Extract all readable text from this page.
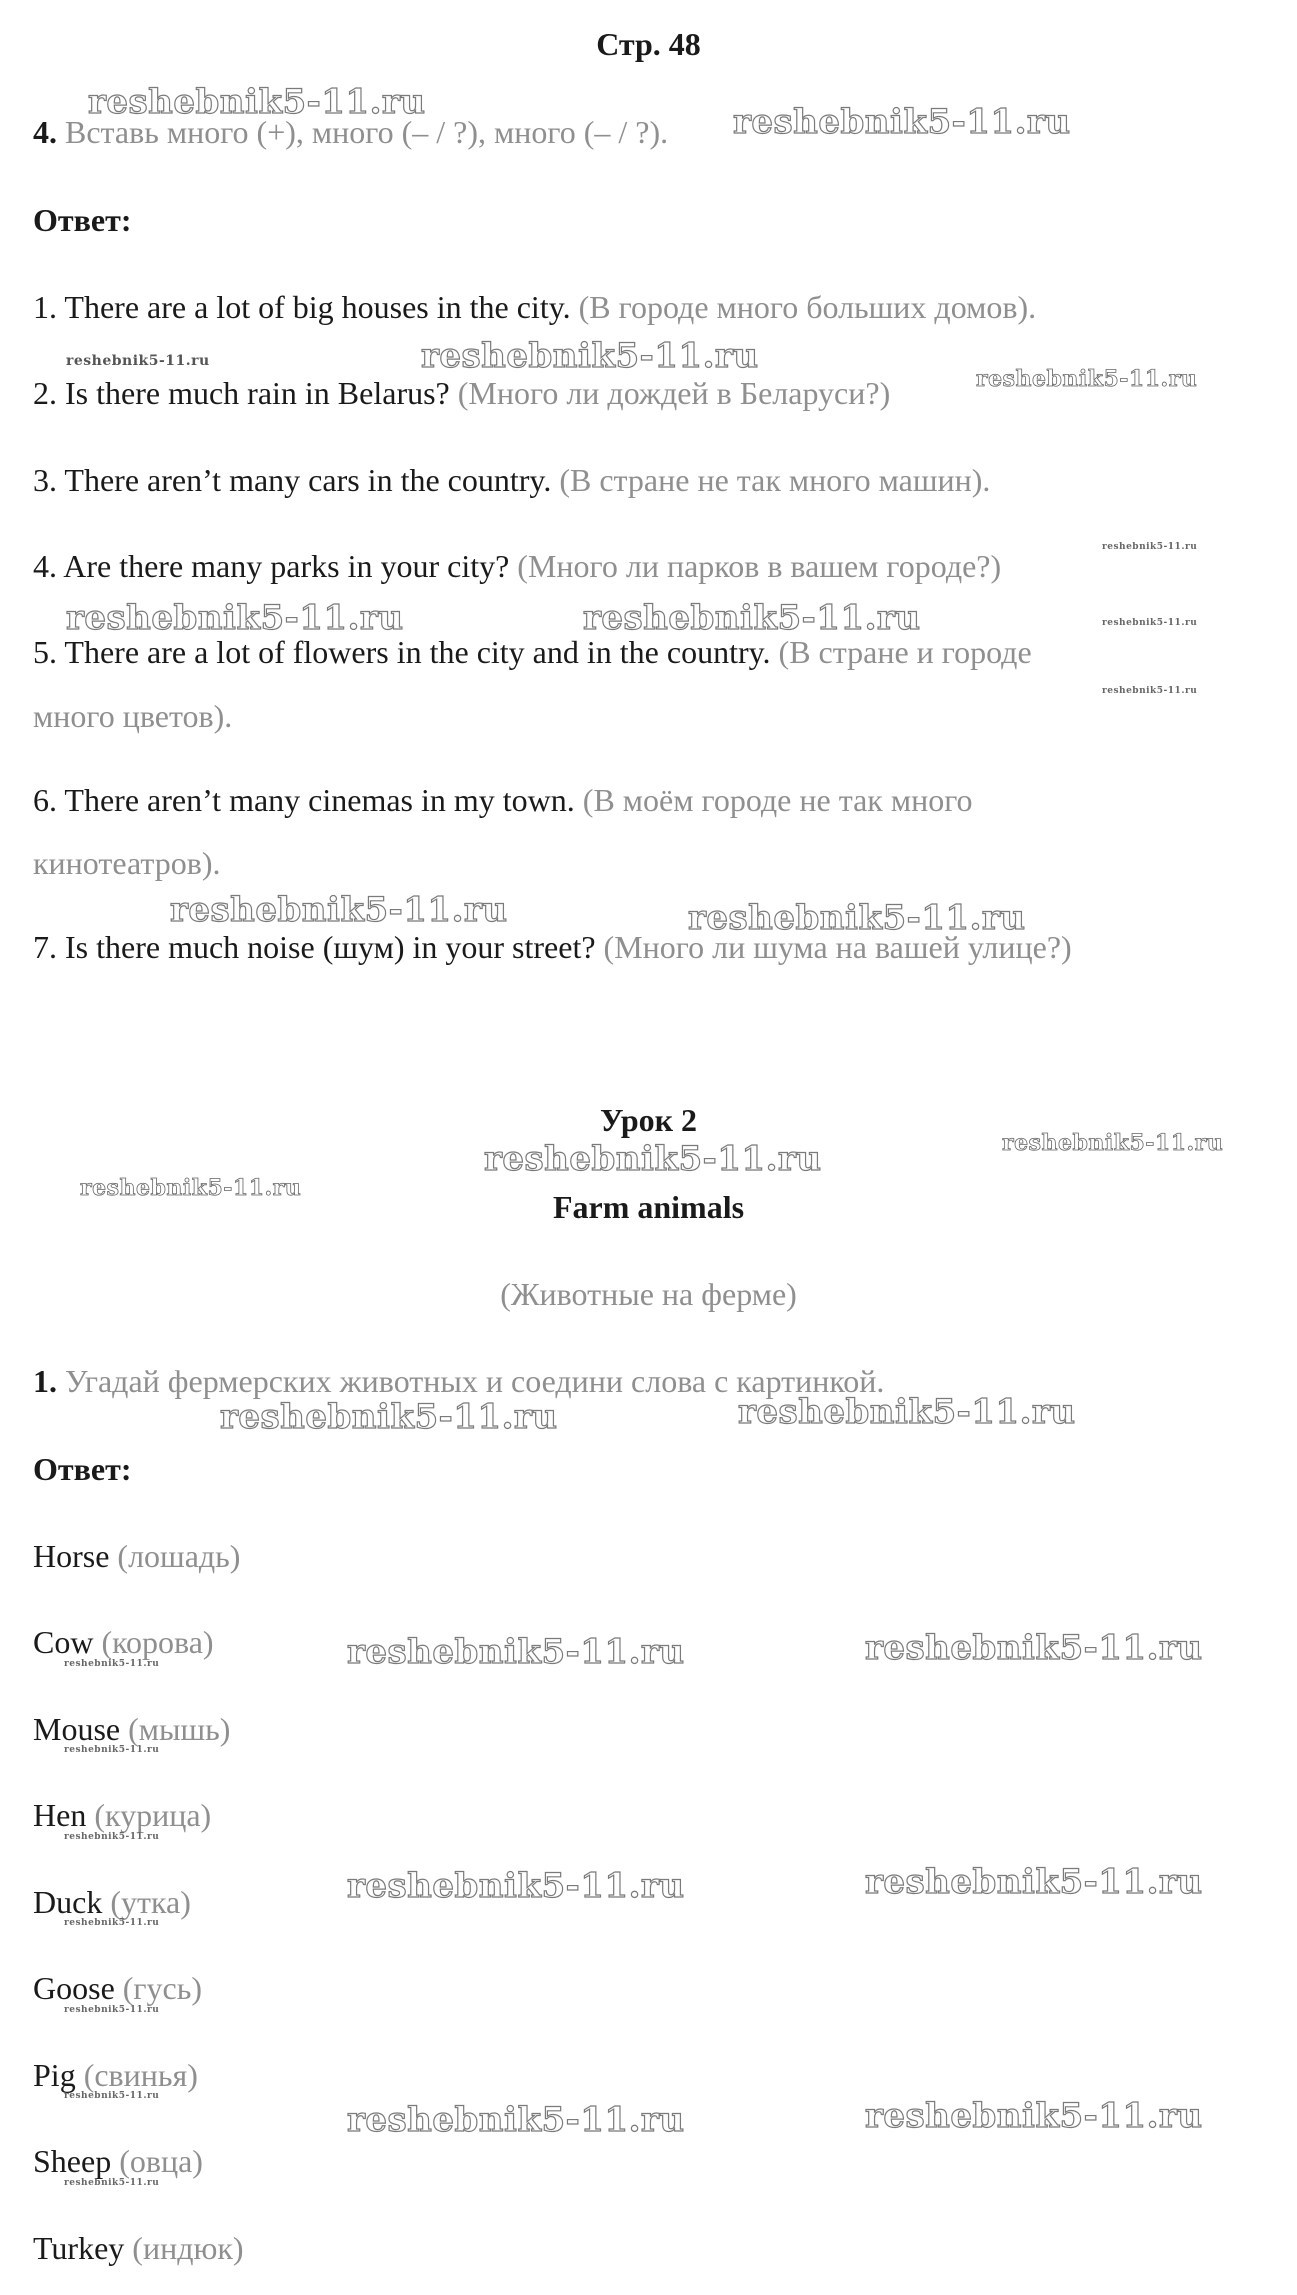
Стр. 48
4. Вставь много (+), много (– / ?), много (– / ?).
Ответ:
1. There are a lot of big houses in the city. (В городе много больших домов).
2. Is there much rain in Belarus? (Много ли дождей в Беларуси?)
3. There aren’t many cars in the country. (В стране не так много машин).
4. Are there many parks in your city? (Много ли парков в вашем городе?)
5. There are a lot of flowers in the city and in the country. (В стране и городе
много цветов).
6. There aren’t many cinemas in my town. (В моём городе не так много
кинотеатров).
7. Is there much noise (шум) in your street? (Много ли шума на вашей улице?)
Урок 2
Farm animals
(Животные на ферме)
1. Угадай фермерских животных и соедини слова с картинкой.
Ответ:
Horse (лошадь)
Cow (корова)
Mouse (мышь)
Hen (курица)
Duck (утка)
Goose (гусь)
Pig (свинья)
Sheep (овца)
Turkey (индюк)
reshebnik5-11.ru	reshebnik5-11.ru
reshebnik5-11.ru	reshebnik5-11.ru
reshebnik5-11.ru
reshebnik5-11.ru
reshebnik5-11.ru	reshebnik5-11.ru	reshebnik5-11.ru
reshebnik5-11.ru
reshebnik5-11.ru	reshebnik5-11.ru
reshebnik5-11.ru
reshebnik5-11.ru
reshebnik5-11.ru
reshebnik5-11.ru	reshebnik5-11.ru
reshebnik5-11.ru	reshebnik5-11.ru
reshebnik5-11.ru
reshebnik5-11.ru
reshebnik5-11.ru
reshebnik5-11.ru	reshebnik5-11.ru
reshebnik5-11.ru
reshebnik5-11.ru
reshebnik5-11.ru
reshebnik5-11.ru	reshebnik5-11.ru
reshebnik5-11.ru
